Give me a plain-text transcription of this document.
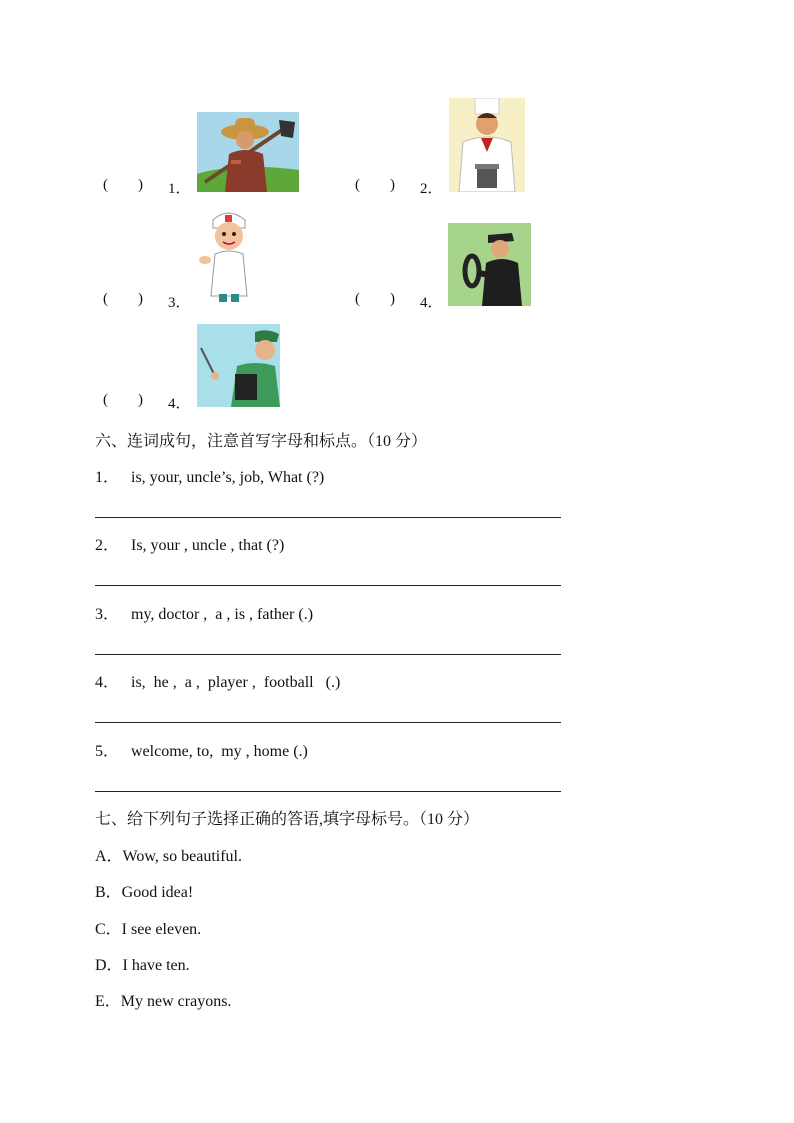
(        ) 1．	(        ) 2．
(        ) 3．	(        ) 4．
(        ) 4．
六、连词成句，注意首写字母和标点。（10 分）
1．   is, your, uncle’s, job, What (?)
2．   Is, your , uncle , that (?)
3．   my, doctor ,  a , is , father (.)
4．   is,  he ,  a ,  player ,  football   (.)
5．   welcome, to,  my , home (.)
七、给下列句子选择正确的答语,填字母标号。（10 分）
A．Wow, so beautiful.
B．Good idea!
C．I see eleven.
D．I have ten.
E．My new crayons.
